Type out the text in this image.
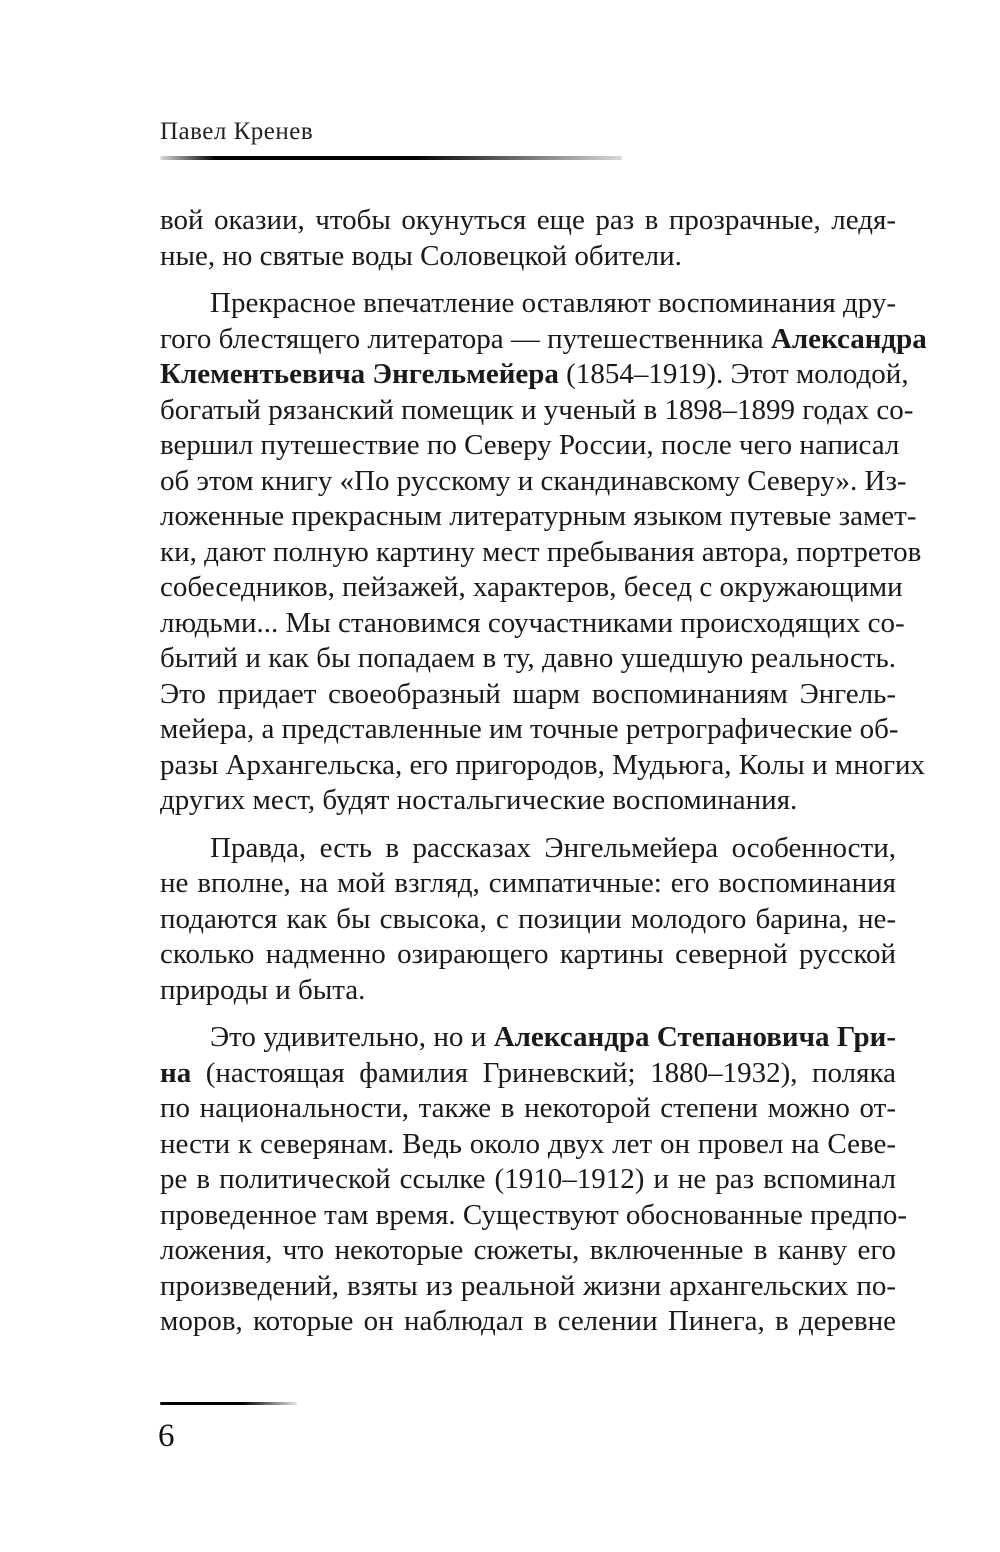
Павел Кренев
вой оказии, чтобы окунуться еще раз в прозрачные, ледя-
ные, но святые воды Соловецкой обители.
Прекрасное впечатление оставляют воспоминания дру-
гого блестящего литератора — путешественника Александра
Клементьевича Энгельмейера (1854–1919). Этот молодой,
богатый рязанский помещик и ученый в 1898–1899 годах со-
вершил путешествие по Северу России, после чего написал
об этом книгу «По русскому и скандинавскому Северу». Из-
ложенные прекрасным литературным языком путевые замет-
ки, дают полную картину мест пребывания автора, портретов
собеседников, пейзажей, характеров, бесед с окружающими
людьми... Мы становимся соучастниками происходящих со-
бытий и как бы попадаем в ту, давно ушедшую реальность.
Это придает своеобразный шарм воспоминаниям Энгель-
мейера, а представленные им точные ретрографические об-
разы Архангельска, его пригородов, Мудьюга, Колы и многих
других мест, будят ностальгические воспоминания.
Правда, есть в рассказах Энгельмейера особенности,
не вполне, на мой взгляд, симпатичные: его воспоминания
подаются как бы свысока, с позиции молодого барина, не-
сколько надменно озирающего картины северной русской
природы и быта.
Это удивительно, но и Александра Степановича Гри-
на (настоящая фамилия Гриневский; 1880–1932), поляка
по национальности, также в некоторой степени можно от-
нести к северянам. Ведь около двух лет он провел на Севе-
ре в политической ссылке (1910–1912) и не раз вспоминал
проведенное там время. Существуют обоснованные предпо-
ложения, что некоторые сюжеты, включенные в канву его
произведений, взяты из реальной жизни архангельских по-
моров, которые он наблюдал в селении Пинега, в деревне
6
